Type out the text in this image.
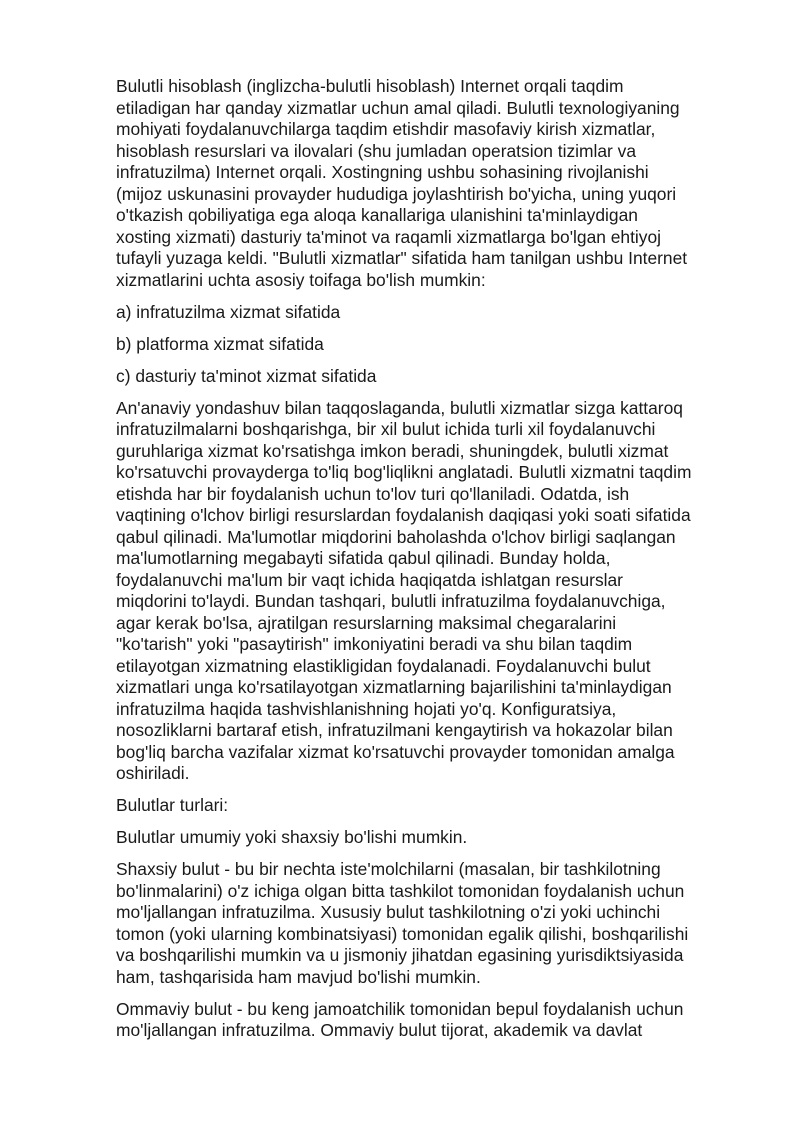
Bulutli hisoblash (inglizcha-bulutli hisoblash) Internet orqali taqdim
etiladigan har qanday xizmatlar uchun amal qiladi. Bulutli texnologiyaning
mohiyati foydalanuvchilarga taqdim etishdir masofaviy kirish xizmatlar,
hisoblash resurslari va ilovalari (shu jumladan operatsion tizimlar va
infratuzilma) Internet orqali. Xostingning ushbu sohasining rivojlanishi
(mijoz uskunasini provayder hududiga joylashtirish bo'yicha, uning yuqori
o'tkazish qobiliyatiga ega aloqa kanallariga ulanishini ta'minlaydigan
xosting xizmati) dasturiy ta'minot va raqamli xizmatlarga bo'lgan ehtiyoj
tufayli yuzaga keldi. "Bulutli xizmatlar" sifatida ham tanilgan ushbu Internet
xizmatlarini uchta asosiy toifaga bo'lish mumkin:

a) infratuzilma xizmat sifatida

b) platforma xizmat sifatida

c) dasturiy ta'minot xizmat sifatida

An'anaviy yondashuv bilan taqqoslaganda, bulutli xizmatlar sizga kattaroq
infratuzilmalarni boshqarishga, bir xil bulut ichida turli xil foydalanuvchi
guruhlariga xizmat ko'rsatishga imkon beradi, shuningdek, bulutli xizmat
ko'rsatuvchi provayderga to'liq bog'liqlikni anglatadi. Bulutli xizmatni taqdim
etishda har bir foydalanish uchun to'lov turi qo'llaniladi. Odatda, ish
vaqtining o'lchov birligi resurslardan foydalanish daqiqasi yoki soati sifatida
qabul qilinadi. Ma'lumotlar miqdorini baholashda o'lchov birligi saqlangan
ma'lumotlarning megabayti sifatida qabul qilinadi. Bunday holda,
foydalanuvchi ma'lum bir vaqt ichida haqiqatda ishlatgan resurslar
miqdorini to'laydi. Bundan tashqari, bulutli infratuzilma foydalanuvchiga,
agar kerak bo'lsa, ajratilgan resurslarning maksimal chegaralarini
"ko'tarish" yoki "pasaytirish" imkoniyatini beradi va shu bilan taqdim
etilayotgan xizmatning elastikligidan foydalanadi. Foydalanuvchi bulut
xizmatlari unga ko'rsatilayotgan xizmatlarning bajarilishini ta'minlaydigan
infratuzilma haqida tashvishlanishning hojati yo'q. Konfiguratsiya,
nosozliklarni bartaraf etish, infratuzilmani kengaytirish va hokazolar bilan
bog'liq barcha vazifalar xizmat ko'rsatuvchi provayder tomonidan amalga
oshiriladi.

Bulutlar turlari:

Bulutlar umumiy yoki shaxsiy bo'lishi mumkin.

Shaxsiy bulut - bu bir nechta iste'molchilarni (masalan, bir tashkilotning
bo'linmalarini) o'z ichiga olgan bitta tashkilot tomonidan foydalanish uchun
mo'ljallangan infratuzilma. Xususiy bulut tashkilotning o'zi yoki uchinchi
tomon (yoki ularning kombinatsiyasi) tomonidan egalik qilishi, boshqarilishi
va boshqarilishi mumkin va u jismoniy jihatdan egasining yurisdiktsiyasida
ham, tashqarisida ham mavjud bo'lishi mumkin.

Ommaviy bulut - bu keng jamoatchilik tomonidan bepul foydalanish uchun
mo'ljallangan infratuzilma. Ommaviy bulut tijorat, akademik va davlat
